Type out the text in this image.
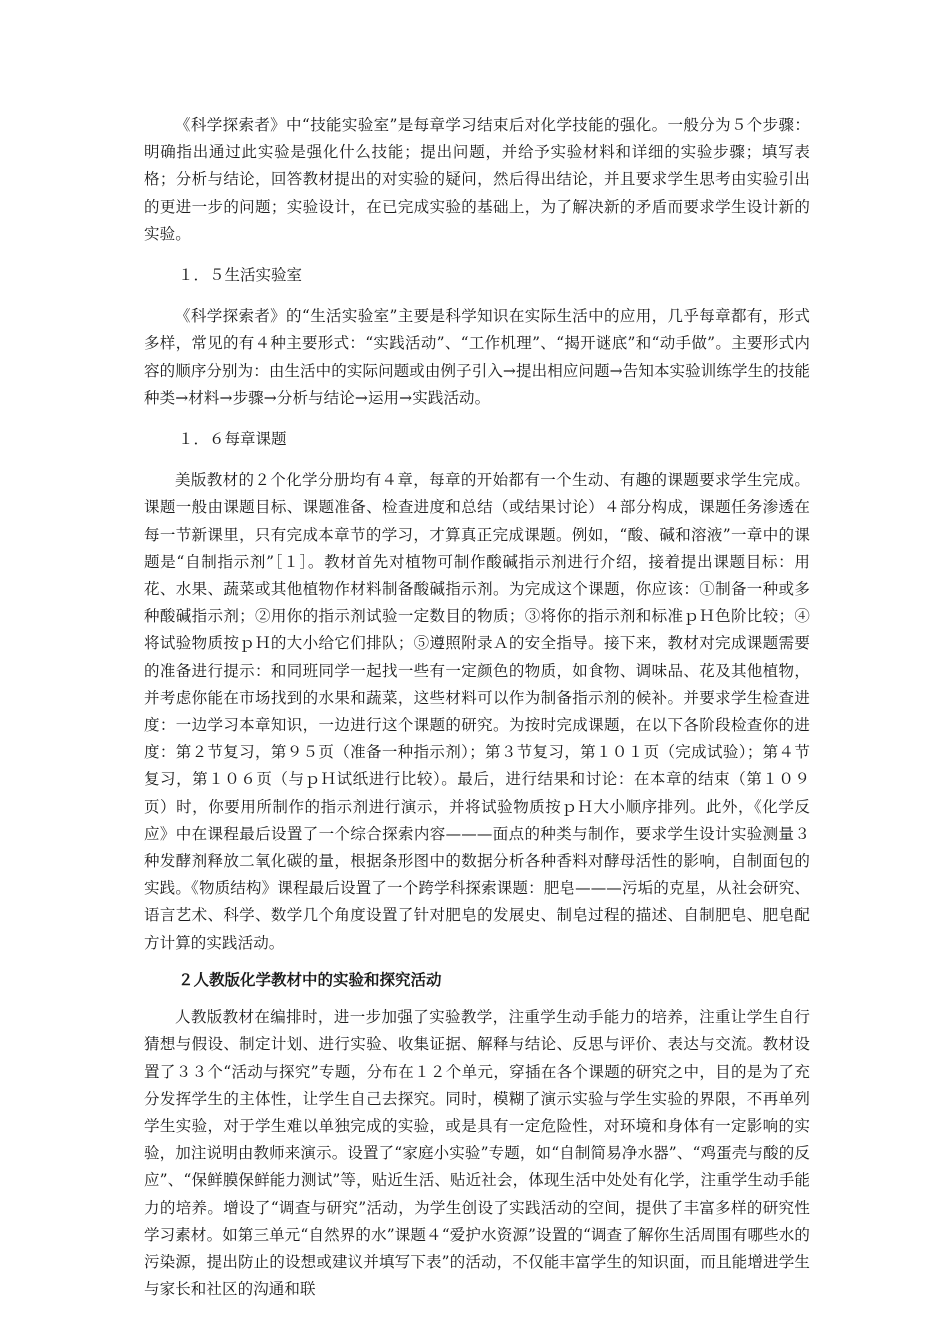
《科学探索者》中“技能实验室”是每章学习结束后对化学技能的强化。一般分为５个步骤：明确指出通过此实验是强化什么技能；提出问题，并给予实验材料和详细的实验步骤；填写表格；分析与结论，回答教材提出的对实验的疑问，然后得出结论，并且要求学生思考由实验引出的更进一步的问题；实验设计，在已完成实验的基础上，为了解决新的矛盾而要求学生设计新的实验。

１．５生活实验室

《科学探索者》的“生活实验室”主要是科学知识在实际生活中的应用，几乎每章都有，形式多样，常见的有４种主要形式：“实践活动”、“工作机理”、“揭开谜底”和“动手做”。主要形式内容的顺序分别为：由生活中的实际问题或由例子引入→提出相应问题→告知本实验训练学生的技能种类→材料→步骤→分析与结论→运用→实践活动。

１．６每章课题

美版教材的２个化学分册均有４章，每章的开始都有一个生动、有趣的课题要求学生完成。课题一般由课题目标、课题准备、检查进度和总结（或结果讨论）４部分构成，课题任务渗透在每一节新课里，只有完成本章节的学习，才算真正完成课题。例如，“酸、碱和溶液”一章中的课题是“自制指示剂”［１］。教材首先对植物可制作酸碱指示剂进行介绍，接着提出课题目标：用花、水果、蔬菜或其他植物作材料制备酸碱指示剂。为完成这个课题，你应该：①制备一种或多种酸碱指示剂；②用你的指示剂试验一定数目的物质；③将你的指示剂和标准ｐＨ色阶比较；④将试验物质按ｐＨ的大小给它们排队；⑤遵照附录Ａ的安全指导。接下来，教材对完成课题需要的准备进行提示：和同班同学一起找一些有一定颜色的物质，如食物、调味品、花及其他植物，并考虑你能在市场找到的水果和蔬菜，这些材料可以作为制备指示剂的候补。并要求学生检查进度：一边学习本章知识，一边进行这个课题的研究。为按时完成课题，在以下各阶段检查你的进度：第２节复习，第９５页（准备一种指示剂）；第３节复习，第１０１页（完成试验）；第４节复习，第１０６页（与ｐＨ试纸进行比较）。最后，进行结果和讨论：在本章的结束（第１０９页）时，你要用所制作的指示剂进行演示，并将试验物质按ｐＨ大小顺序排列。此外，《化学反应》中在课程最后设置了一个综合探索内容———面点的种类与制作，要求学生设计实验测量３种发酵剂释放二氧化碳的量，根据条形图中的数据分析各种香料对酵母活性的影响，自制面包的实践。《物质结构》课程最后设置了一个跨学科探索课题：肥皂———污垢的克星，从社会研究、语言艺术、科学、数学几个角度设置了针对肥皂的发展史、制皂过程的描述、自制肥皂、肥皂配方计算的实践活动。

２人教版化学教材中的实验和探究活动

人教版教材在编排时，进一步加强了实验教学，注重学生动手能力的培养，注重让学生自行猜想与假设、制定计划、进行实验、收集证据、解释与结论、反思与评价、表达与交流。教材设置了３３个“活动与探究”专题，分布在１２个单元，穿插在各个课题的研究之中，目的是为了充分发挥学生的主体性，让学生自己去探究。同时，模糊了演示实验与学生实验的界限，不再单列学生实验，对于学生难以单独完成的实验，或是具有一定危险性，对环境和身体有一定影响的实验，加注说明由教师来演示。设置了“家庭小实验”专题，如“自制简易净水器”、“鸡蛋壳与酸的反应”、“保鲜膜保鲜能力测试”等，贴近生活、贴近社会，体现生活中处处有化学，注重学生动手能力的培养。增设了“调查与研究”活动，为学生创设了实践活动的空间，提供了丰富多样的研究性学习素材。如第三单元“自然界的水”课题４“爱护水资源”设置的“调查了解你生活周围有哪些水的污染源，提出防止的设想或建议并填写下表”的活动，不仅能丰富学生的知识面，而且能增进学生与家长和社区的沟通和联
